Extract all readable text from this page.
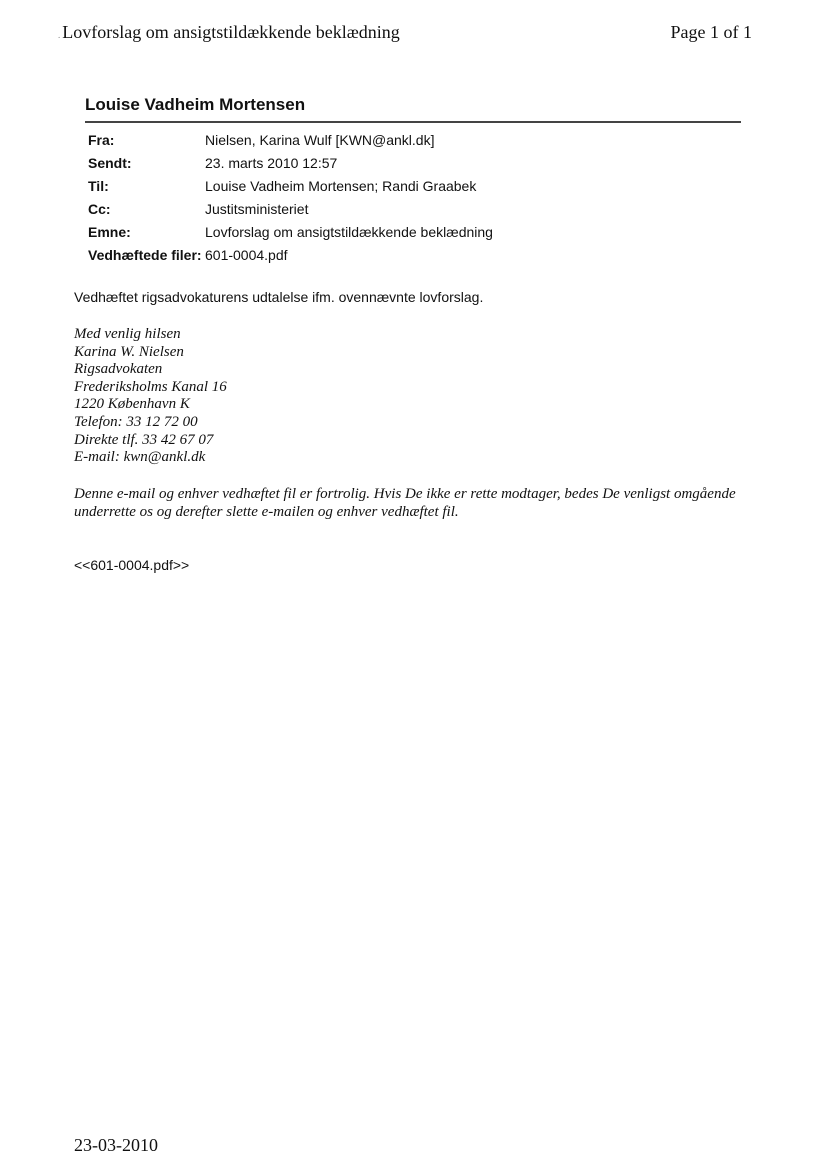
. Lovforslag om ansigtstildækkende beklædning	Page 1 of 1
Louise Vadheim Mortensen
Fra:	Nielsen, Karina Wulf [KWN@ankl.dk]
Sendt:	23. marts 2010 12:57
Til:	Louise Vadheim Mortensen; Randi Graabek
Cc:	Justitsministeriet
Emne:	Lovforslag om ansigtstildækkende beklædning
Vedhæftede filer:	601-0004.pdf
Vedhæftet rigsadvokaturens udtalelse ifm. ovennævnte lovforslag.
Med venlig hilsen
Karina W. Nielsen
Rigsadvokaten
Frederiksholms Kanal 16
1220 København K
Telefon: 33 12 72 00
Direkte tlf. 33 42 67 07
E-mail: kwn@ankl.dk
Denne e-mail og enhver vedhæftet fil er fortrolig. Hvis De ikke er rette modtager, bedes De venligst omgående underrette os og derefter slette e-mailen og enhver vedhæftet fil.
<<601-0004.pdf>>
23-03-2010
